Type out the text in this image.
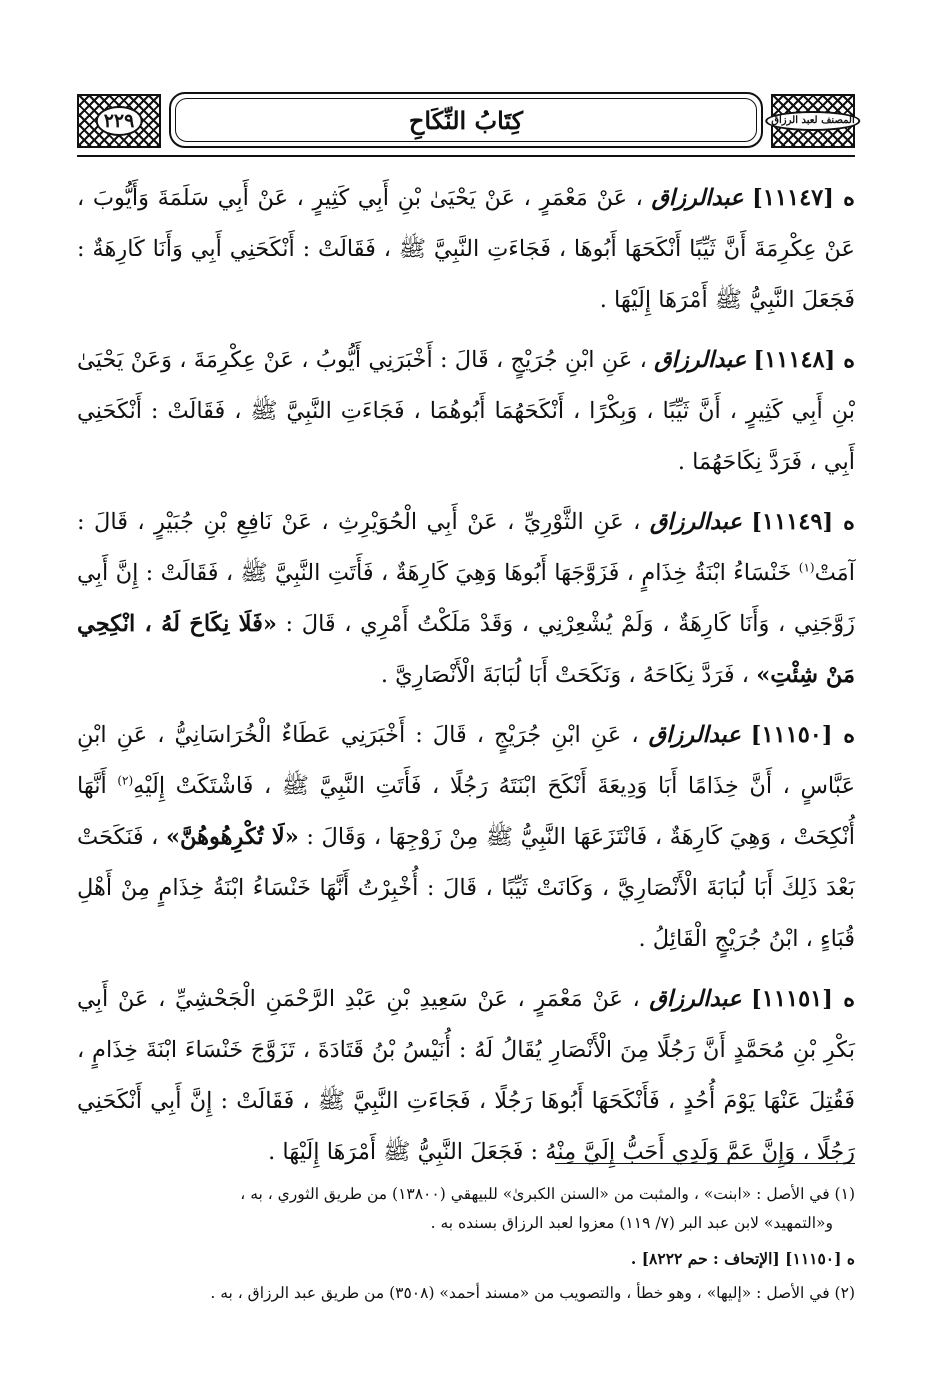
٢٢٩	كِتَابُ النِّكَاحِ	المصنف لعبد الرزاق

ه [١١١٤٧] عبدالرزاق ، عَنْ مَعْمَرٍ ، عَنْ يَحْيَىٰ بْنِ أَبِي كَثِيرٍ ، عَنْ أَبِي سَلَمَةَ وَأَيُّوبَ ، عَنْ عِكْرِمَةَ أَنَّ ثَيِّبًا أَنْكَحَهَا أَبُوهَا ، فَجَاءَتِ النَّبِيَّ ﷺ ، فَقَالَتْ : أَنْكَحَنِي أَبِي وَأَنَا كَارِهَةٌ : فَجَعَلَ النَّبِيُّ ﷺ أَمْرَهَا إِلَيْهَا .

ه [١١١٤٨] عبدالرزاق ، عَنِ ابْنِ جُرَيْجٍ ، قَالَ : أَخْبَرَنِي أَيُّوبُ ، عَنْ عِكْرِمَةَ ، وَعَنْ يَحْيَىٰ بْنِ أَبِي كَثِيرٍ ، أَنَّ ثَيِّبًا ، وَبِكْرًا ، أَنْكَحَهُمَا أَبُوهُمَا ، فَجَاءَتِ النَّبِيَّ ﷺ ، فَقَالَتْ : أَنْكَحَنِي أَبِي ، فَرَدَّ نِكَاحَهُمَا .

ه [١١١٤٩] عبدالرزاق ، عَنِ الثَّوْرِيِّ ، عَنْ أَبِي الْحُوَيْرِثِ ، عَنْ نَافِعِ بْنِ جُبَيْرٍ ، قَالَ : آمَتْ$^{(١)}$ خَنْسَاءُ ابْنَةُ خِذَامٍ ، فَزَوَّجَهَا أَبُوهَا وَهِيَ كَارِهَةٌ ، فَأَتَتِ النَّبِيَّ ﷺ ، فَقَالَتْ : إِنَّ أَبِي زَوَّجَنِي ، وَأَنَا كَارِهَةٌ ، وَلَمْ يُشْعِرْنِي ، وَقَدْ مَلَكْتُ أَمْرِي ، قَالَ : «فَلَا نِكَاحَ لَهُ ، انْكِحِي مَنْ شِئْتِ» ، فَرَدَّ نِكَاحَهُ ، وَنَكَحَتْ أَبَا لُبَابَةَ الْأَنْصَارِيَّ .

ه [١١١٥٠] عبدالرزاق ، عَنِ ابْنِ جُرَيْجٍ ، قَالَ : أَخْبَرَنِي عَطَاءٌ الْخُرَاسَانِيُّ ، عَنِ ابْنِ عَبَّاسٍ ، أَنَّ خِذَامًا أَبَا وَدِيعَةَ أَنْكَحَ ابْنَتَهُ رَجُلًا ، فَأَتَتِ النَّبِيَّ ﷺ ، فَاشْتَكَتْ إِلَيْهِ$^{(٢)}$ أَنَّهَا أُنْكِحَتْ ، وَهِيَ كَارِهَةٌ ، فَانْتَزَعَهَا النَّبِيُّ ﷺ مِنْ زَوْجِهَا ، وَقَالَ : «لَا تُكْرِهُوهُنَّ» ، فَنَكَحَتْ بَعْدَ ذَلِكَ أَبَا لُبَابَةَ الْأَنْصَارِيَّ ، وَكَانَتْ ثَيِّبًا ، قَالَ : أُخْبِرْتُ أَنَّهَا خَنْسَاءُ ابْنَةُ خِذَامٍ مِنْ أَهْلِ قُبَاءٍ ، ابْنُ جُرَيْجٍ الْقَائِلُ .

ه [١١١٥١] عبدالرزاق ، عَنْ مَعْمَرٍ ، عَنْ سَعِيدِ بْنِ عَبْدِ الرَّحْمَنِ الْجَحْشِيِّ ، عَنْ أَبِي بَكْرِ بْنِ مُحَمَّدٍ أَنَّ رَجُلًا مِنَ الْأَنْصَارِ يُقَالُ لَهُ : أُنَيْسُ بْنُ قَتَادَةَ ، تَزَوَّجَ خَنْسَاءَ ابْنَةَ خِذَامٍ ، فَقُتِلَ عَنْهَا يَوْمَ أُحُدٍ ، فَأَنْكَحَهَا أَبُوهَا رَجُلًا ، فَجَاءَتِ النَّبِيَّ ﷺ ، فَقَالَتْ : إِنَّ أَبِي أَنْكَحَنِي رَجُلًا ، وَإِنَّ عَمَّ وَلَدِي أَحَبُّ إِلَيَّ مِنْهُ : فَجَعَلَ النَّبِيُّ ﷺ أَمْرَهَا إِلَيْهَا .

(١) في الأصل : «ابنت» ، والمثبت من «السنن الكبرىٰ» للبيهقي (١٣٨٠٠) من طريق الثوري ، به ،
و«التمهيد» لابن عبد البر (٧/ ١١٩) معزوا لعبد الرزاق بسنده به .
ه [١١١٥٠] [الإتحاف : حم ٨٢٢٢] .
(٢) في الأصل : «إليها» ، وهو خطأ ، والتصويب من «مسند أحمد» (٣٥٠٨) من طريق عبد الرزاق ، به .
